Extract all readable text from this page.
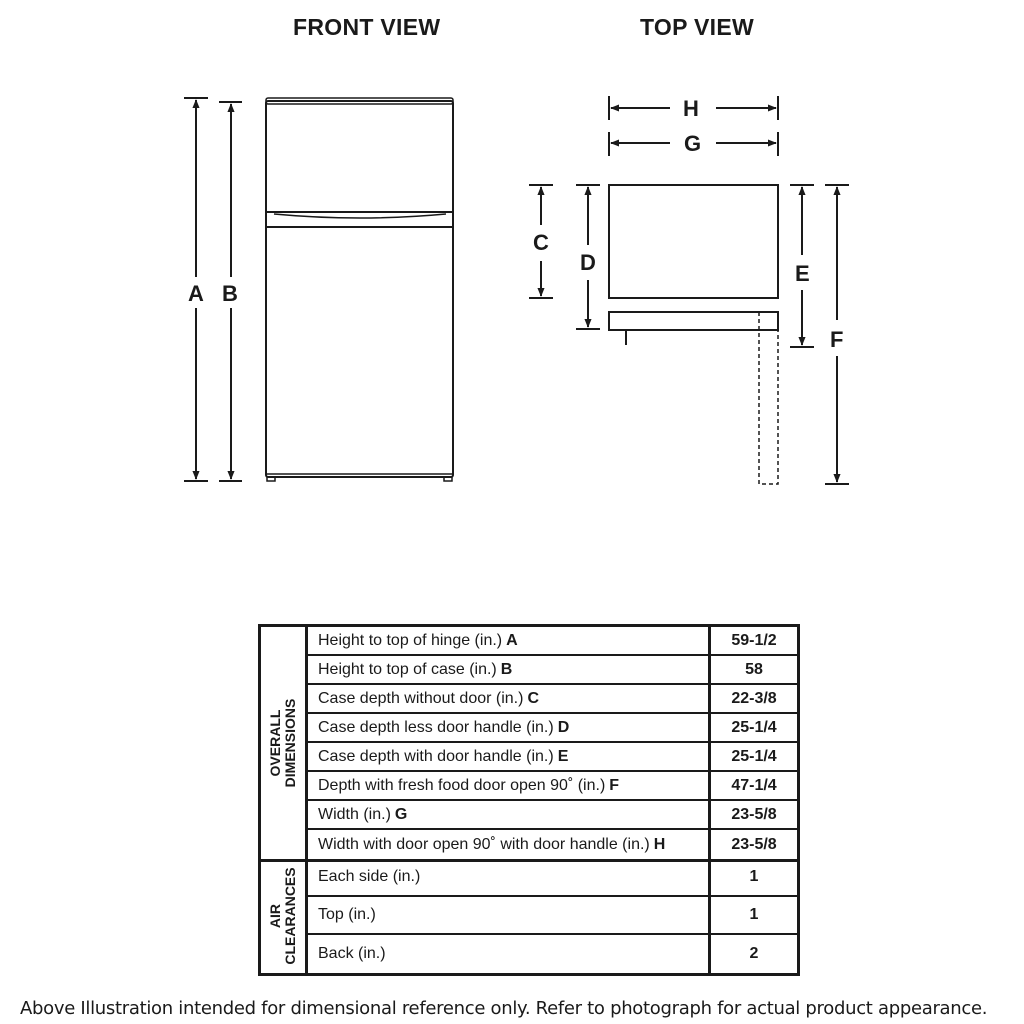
FRONT VIEW	TOP VIEW
A B
H
G
C
D	E
F
OVERALL
DIMENSIONS
Height to top of hinge (in.) A	59-1/2
Height to top of case (in.) B	58
Case depth without door (in.) C	22-3/8
Case depth less door handle (in.) D	25-1/4
Case depth with door handle (in.) E	25-1/4
Depth with fresh food door open 90˚ (in.) F	47-1/4
Width (in.) G	23-5/8
Width with door open 90˚ with door handle (in.) H	23-5/8
AIR
CLEARANCES Each side (in.)	1
Top (in.)	1
Back (in.)	2
Above Illustration intended for dimensional reference only. Refer to photograph for actual product appearance.
